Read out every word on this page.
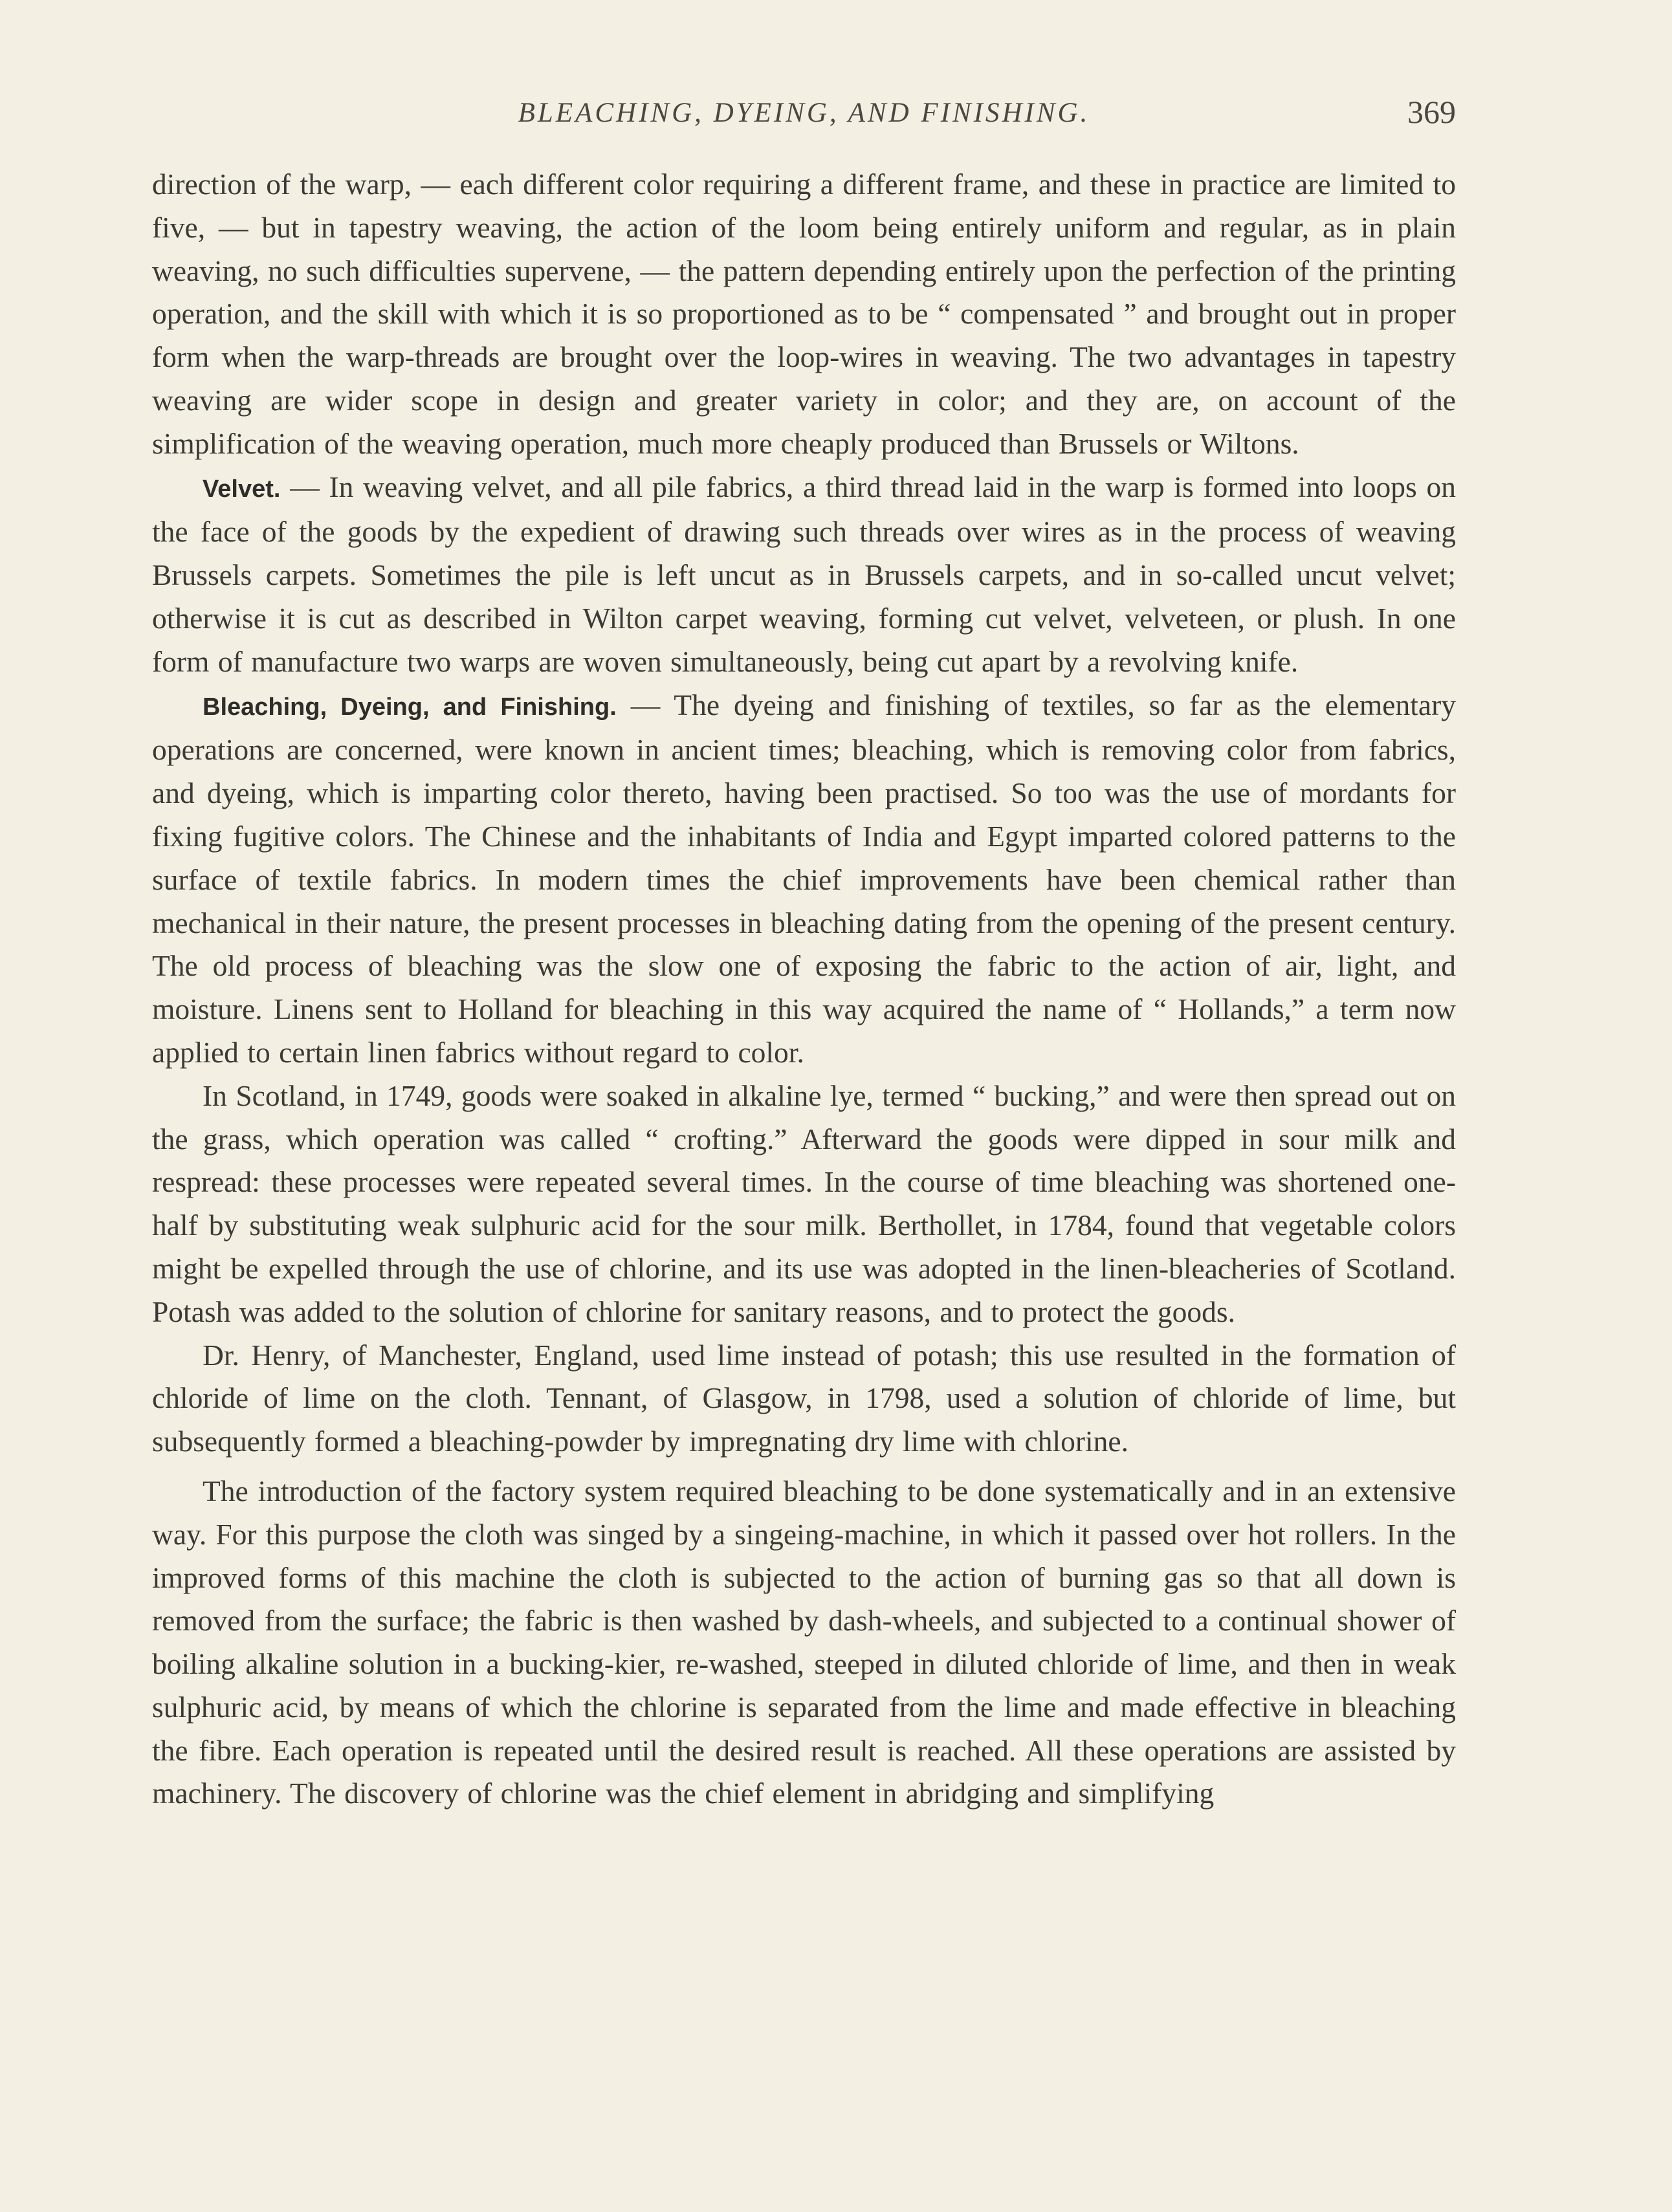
BLEACHING, DYEING, AND FINISHING.	369

direction of the warp, — each different color requiring a different frame, and these in practice are limited to five, — but in tapestry weaving, the action of the loom being entirely uniform and regular, as in plain weaving, no such difficulties supervene, — the pattern depending entirely upon the perfection of the printing operation, and the skill with which it is so proportioned as to be “ compensated ” and brought out in proper form when the warp-threads are brought over the loop-wires in weaving. The two advantages in tapestry weaving are wider scope in design and greater variety in color; and they are, on account of the simplification of the weaving operation, much more cheaply produced than Brussels or Wiltons.

Velvet. — In weaving velvet, and all pile fabrics, a third thread laid in the warp is formed into loops on the face of the goods by the expedient of drawing such threads over wires as in the process of weaving Brussels carpets. Sometimes the pile is left uncut as in Brussels carpets, and in so-called uncut velvet; otherwise it is cut as described in Wilton carpet weaving, forming cut velvet, velveteen, or plush. In one form of manufacture two warps are woven simultaneously, being cut apart by a revolving knife.

Bleaching, Dyeing, and Finishing. — The dyeing and finishing of textiles, so far as the elementary operations are concerned, were known in ancient times; bleaching, which is removing color from fabrics, and dyeing, which is imparting color thereto, having been practised. So too was the use of mordants for fixing fugitive colors. The Chinese and the inhabitants of India and Egypt imparted colored patterns to the surface of textile fabrics. In modern times the chief improvements have been chemical rather than mechanical in their nature, the present processes in bleaching dating from the opening of the present century. The old process of bleaching was the slow one of exposing the fabric to the action of air, light, and moisture. Linens sent to Holland for bleaching in this way acquired the name of “ Hollands,” a term now applied to certain linen fabrics without regard to color.

In Scotland, in 1749, goods were soaked in alkaline lye, termed “ bucking,” and were then spread out on the grass, which operation was called “ crofting.” Afterward the goods were dipped in sour milk and respread: these processes were repeated several times. In the course of time bleaching was shortened one-half by substituting weak sulphuric acid for the sour milk. Berthollet, in 1784, found that vegetable colors might be expelled through the use of chlorine, and its use was adopted in the linen-bleacheries of Scotland. Potash was added to the solution of chlorine for sanitary reasons, and to protect the goods.

Dr. Henry, of Manchester, England, used lime instead of potash; this use resulted in the formation of chloride of lime on the cloth. Tennant, of Glasgow, in 1798, used a solution of chloride of lime, but subsequently formed a bleaching-powder by impregnating dry lime with chlorine.

The introduction of the factory system required bleaching to be done systematically and in an extensive way. For this purpose the cloth was singed by a singeing-machine, in which it passed over hot rollers. In the improved forms of this machine the cloth is subjected to the action of burning gas so that all down is removed from the surface; the fabric is then washed by dash-wheels, and subjected to a continual shower of boiling alkaline solution in a bucking-kier, re-washed, steeped in diluted chloride of lime, and then in weak sulphuric acid, by means of which the chlorine is separated from the lime and made effective in bleaching the fibre. Each operation is repeated until the desired result is reached. All these operations are assisted by machinery. The discovery of chlorine was the chief element in abridging and simplifying
